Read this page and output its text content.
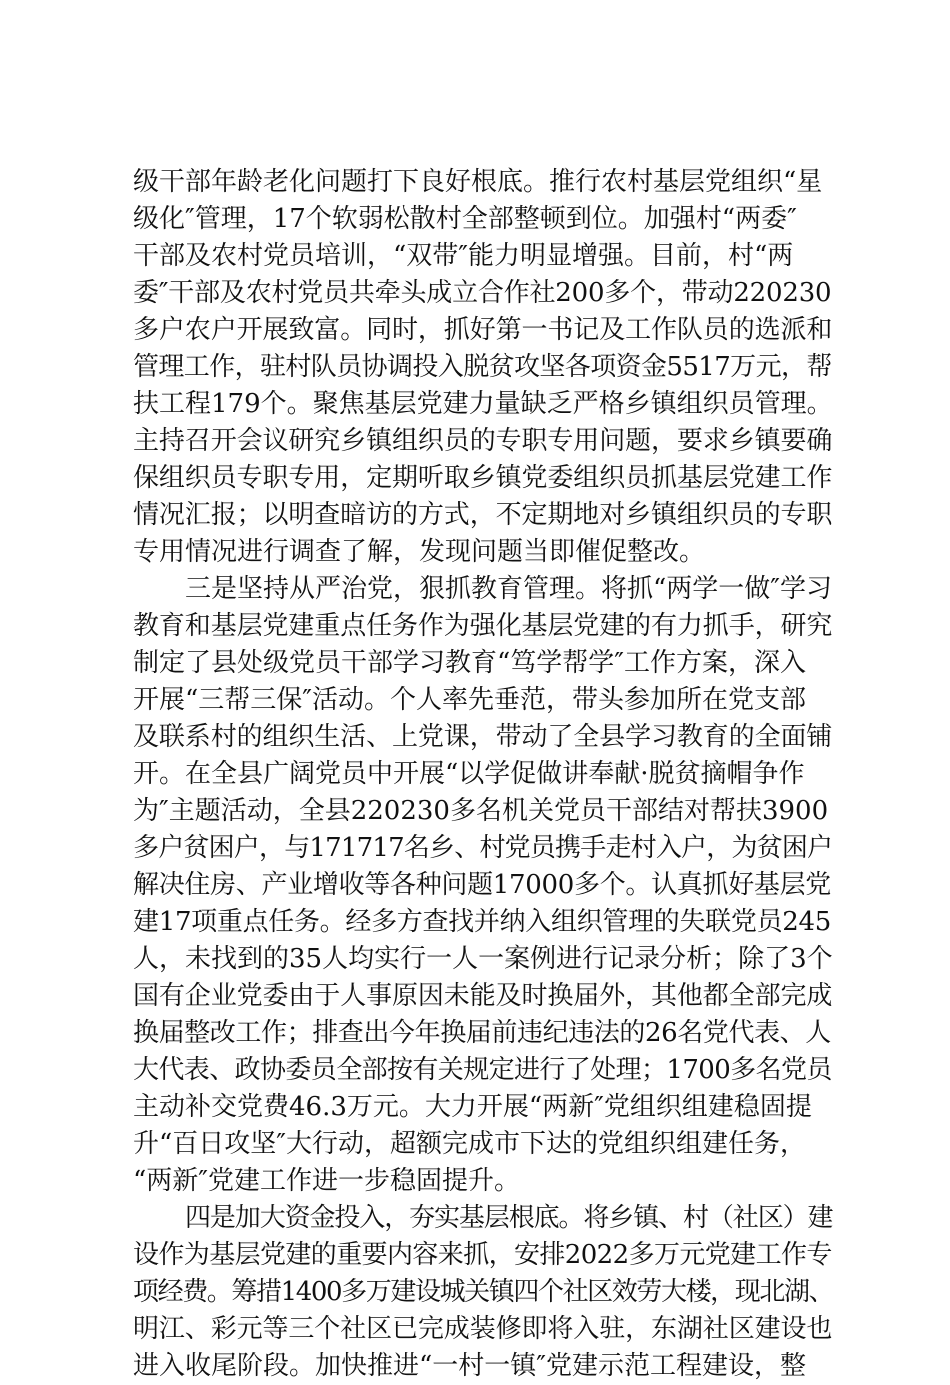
级干部年龄老化问题打下良好根底。推行农村基层党组织“星
级化″管理，17个软弱松散村全部整顿到位。加强村“两委″
干部及农村党员培训，“双带″能力明显增强。目前，村“两
委″干部及农村党员共牵头成立合作社200多个，带动220230
多户农户开展致富。同时，抓好第一书记及工作队员的选派和
管理工作，驻村队员协调投入脱贫攻坚各项资金5517万元，帮
扶工程179个。聚焦基层党建力量缺乏严格乡镇组织员管理。
主持召开会议研究乡镇组织员的专职专用问题，要求乡镇要确
保组织员专职专用，定期听取乡镇党委组织员抓基层党建工作
情况汇报；以明查暗访的方式，不定期地对乡镇组织员的专职
专用情况进行调查了解，发现问题当即催促整改。
三是坚持从严治党，狠抓教育管理。将抓“两学一做″学习
教育和基层党建重点任务作为强化基层党建的有力抓手，研究
制定了县处级党员干部学习教育“笃学帮学″工作方案，深入
开展“三帮三保″活动。个人率先垂范，带头参加所在党支部
及联系村的组织生活、上党课，带动了全县学习教育的全面铺
开。在全县广阔党员中开展“以学促做讲奉献·脱贫摘帽争作
为″主题活动，全县220230多名机关党员干部结对帮扶3900
多户贫困户，与171717名乡、村党员携手走村入户，为贫困户
解决住房、产业增收等各种问题17000多个。认真抓好基层党
建17项重点任务。经多方查找并纳入组织管理的失联党员245
人，未找到的35人均实行一人一案例进行记录分析；除了3个
国有企业党委由于人事原因未能及时换届外，其他都全部完成
换届整改工作；排查出今年换届前违纪违法的26名党代表、人
大代表、政协委员全部按有关规定进行了处理；1700多名党员
主动补交党费46.3万元。大力开展“两新″党组织组建稳固提
升“百日攻坚″大行动，超额完成市下达的党组织组建任务，
“两新″党建工作进一步稳固提升。
四是加大资金投入，夯实基层根底。将乡镇、村（社区）建
设作为基层党建的重要内容来抓，安排2022多万元党建工作专
项经费。筹措1400多万建设城关镇四个社区效劳大楼，现北湖、
明江、彩元等三个社区已完成装修即将入驻，东湖社区建设也
进入收尾阶段。加快推进“一村一镇″党建示范工程建设，整
